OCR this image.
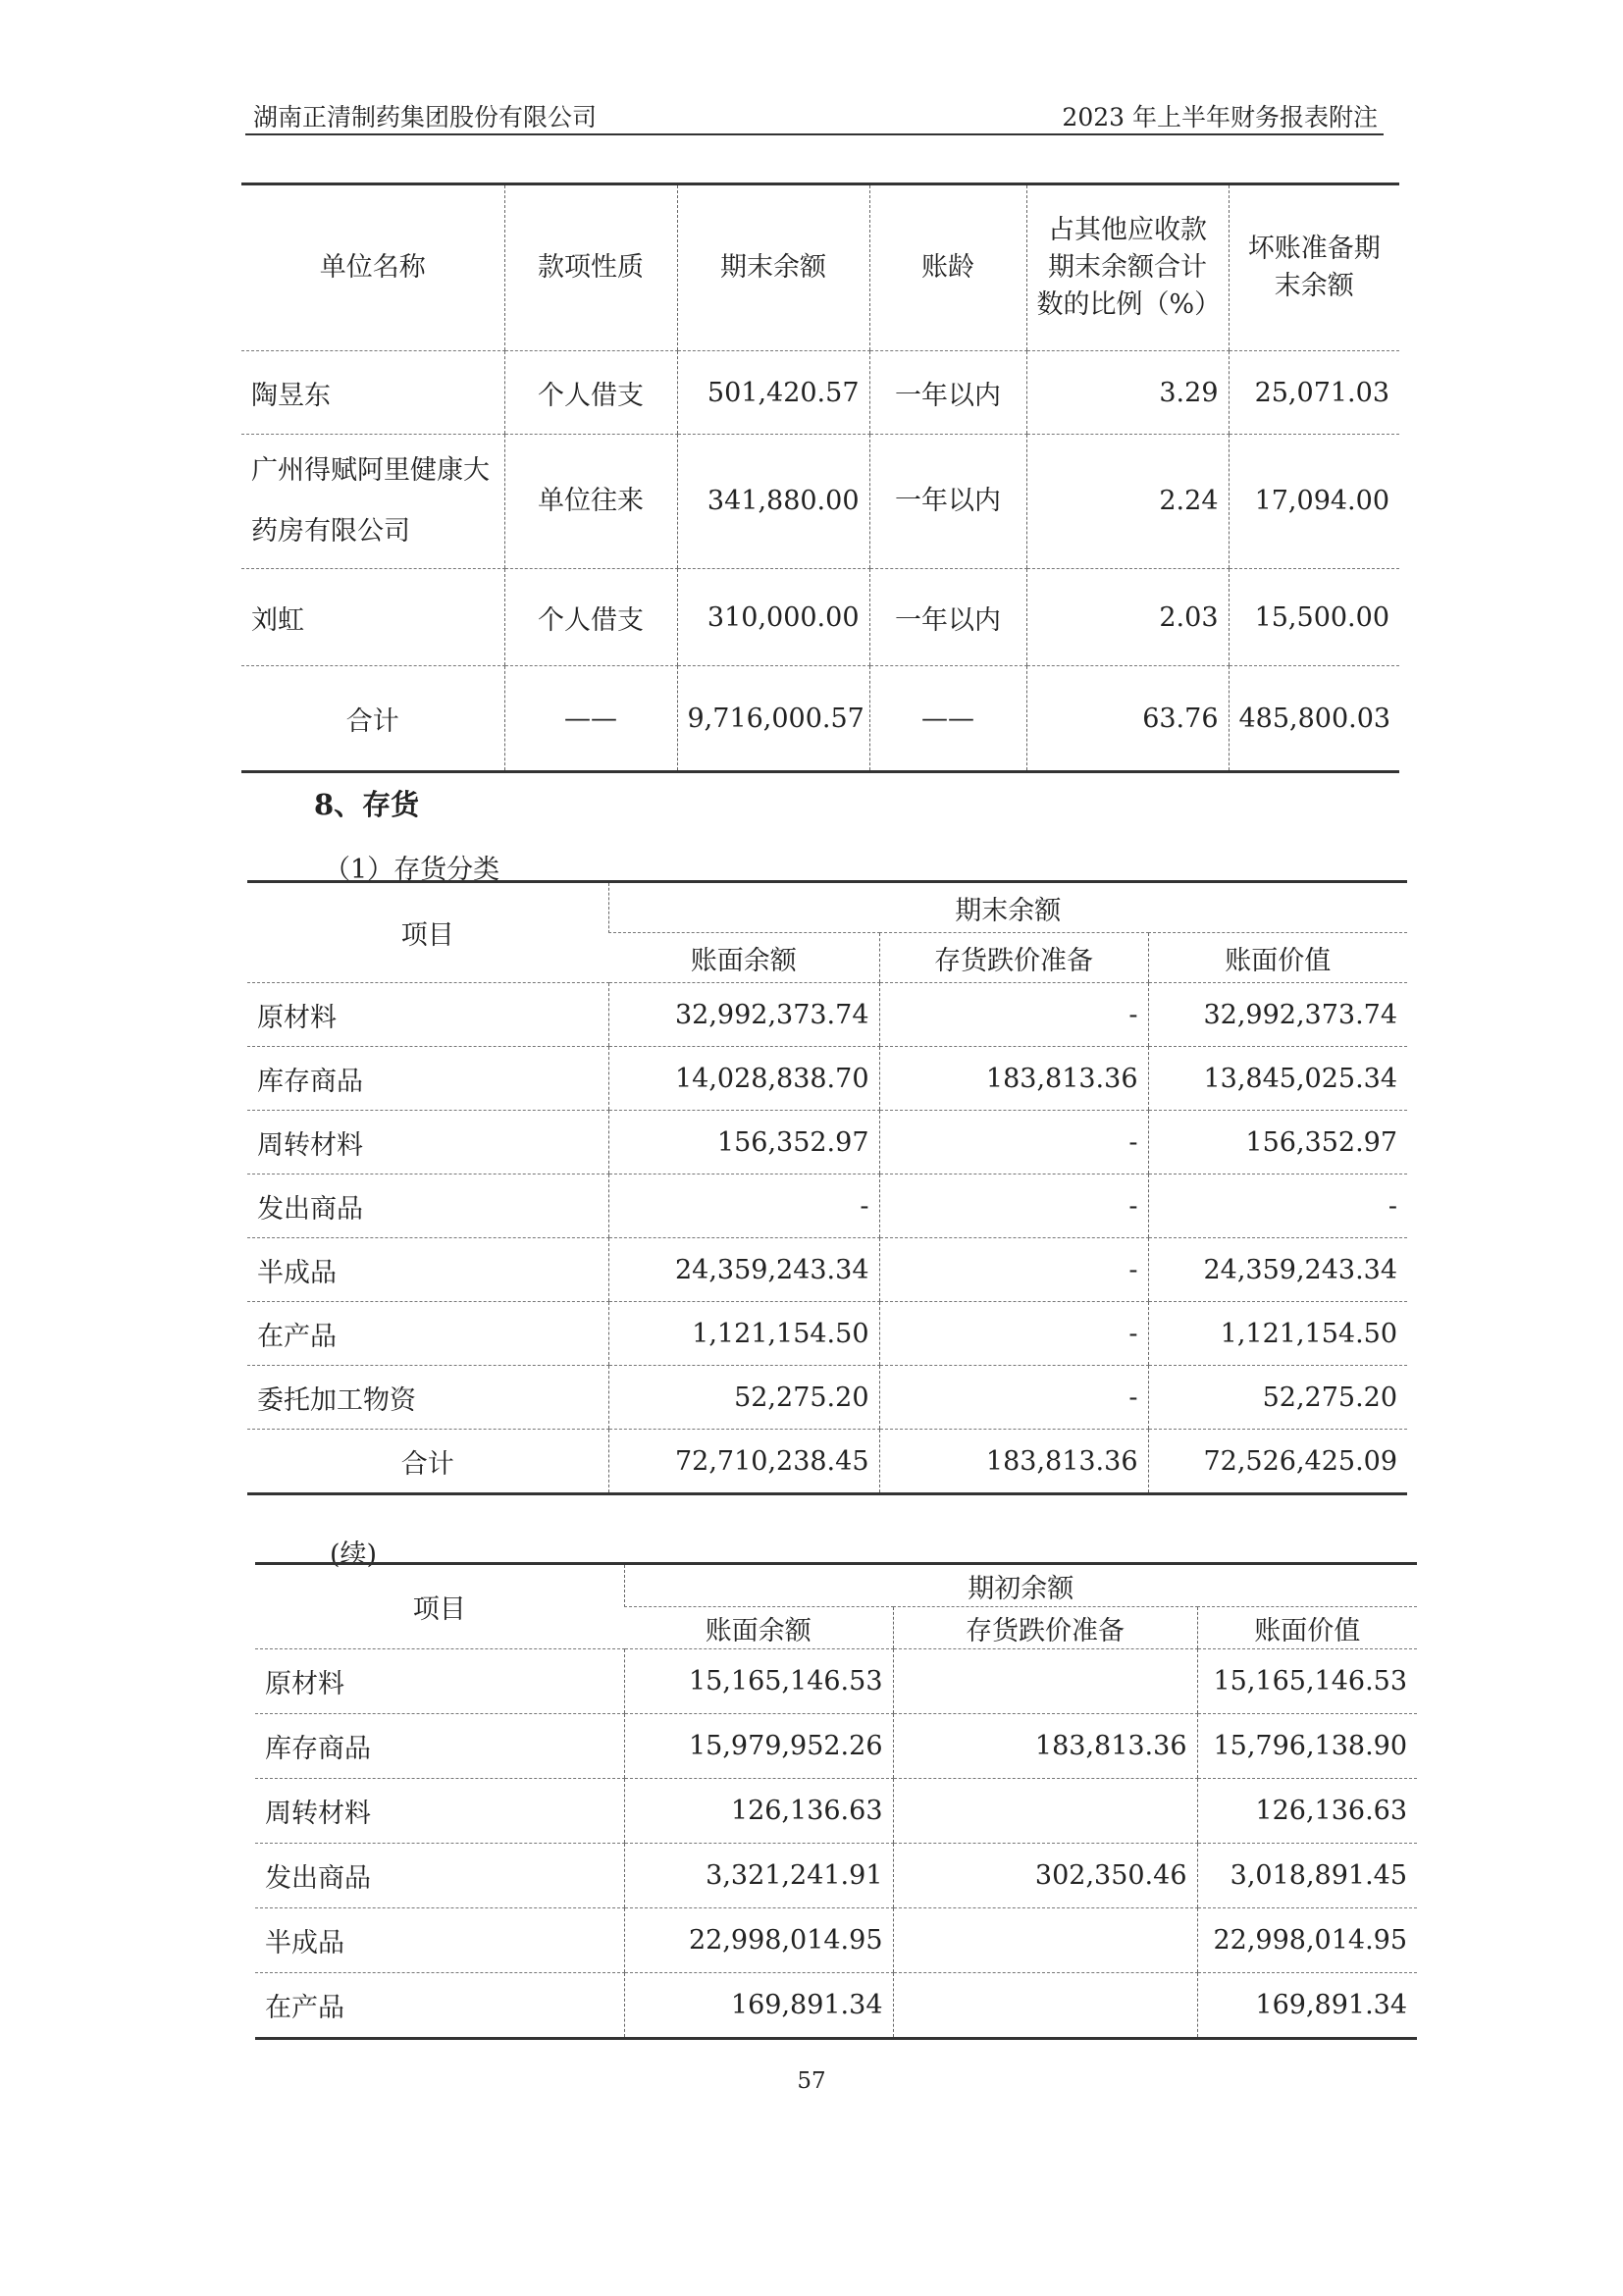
湖南正清制药集团股份有限公司	2023 年上半年财务报表附注
单位名称	款项性质	期末余额	账龄	占其他应收款期末余额合计数的比例（%）	坏账准备期末余额
陶昱东	个人借支	501,420.57	一年以内	3.29	25,071.03
广州得赋阿里健康大药房有限公司	单位往来	341,880.00	一年以内	2.24	17,094.00
刘虹	个人借支	310,000.00	一年以内	2.03	15,500.00
合计	——	9,716,000.57	——	63.76	485,800.03
8、存货
（1）存货分类
项目	期末余额		
	账面余额	存货跌价准备	账面价值
原材料	32,992,373.74	-	32,992,373.74
库存商品	14,028,838.70	183,813.36	13,845,025.34
周转材料	156,352.97	-	156,352.97
发出商品	-	-	-
半成品	24,359,243.34	-	24,359,243.34
在产品	1,121,154.50	-	1,121,154.50
委托加工物资	52,275.20	-	52,275.20
合计	72,710,238.45	183,813.36	72,526,425.09
(续)
项目	期初余额		
	账面余额	存货跌价准备	账面价值
原材料	15,165,146.53		15,165,146.53
库存商品	15,979,952.26	183,813.36	15,796,138.90
周转材料	126,136.63		126,136.63
发出商品	3,321,241.91	302,350.46	3,018,891.45
半成品	22,998,014.95		22,998,014.95
在产品	169,891.34		169,891.34
57
